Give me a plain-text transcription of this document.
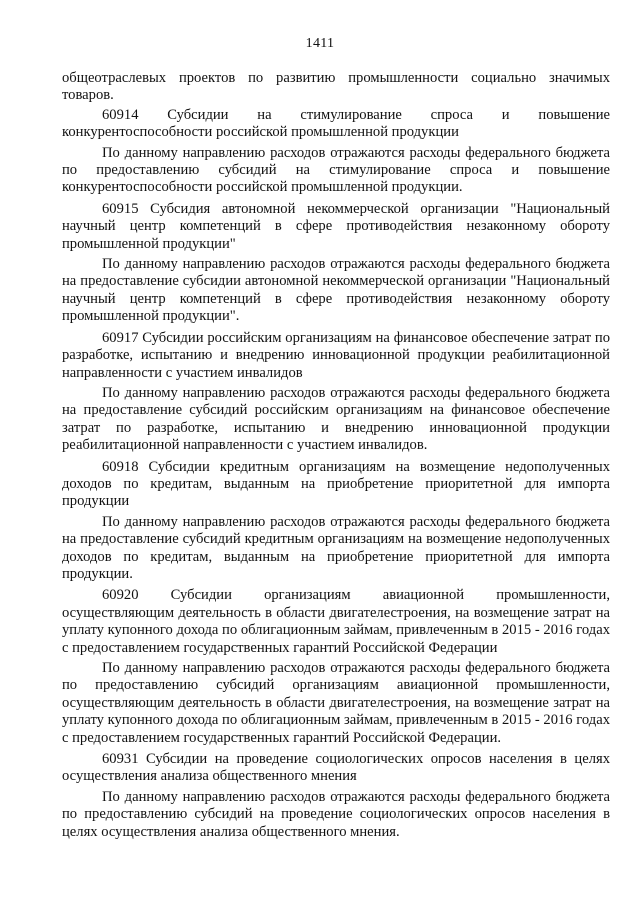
1411

общеотраслевых проектов по развитию промышленности социально значимых товаров.

60914 Субсидии на стимулирование спроса и повышение конкурентоспособности российской промышленной продукции

По данному направлению расходов отражаются расходы федерального бюджета по предоставлению субсидий на стимулирование спроса и повышение конкурентоспособности российской промышленной продукции.

60915 Субсидия автономной некоммерческой организации "Национальный научный центр компетенций в сфере противодействия незаконному обороту промышленной продукции"

По данному направлению расходов отражаются расходы федерального бюджета на предоставление субсидии автономной некоммерческой организации "Национальный научный центр компетенций в сфере противодействия незаконному обороту промышленной продукции".

60917 Субсидии российским организациям на финансовое обеспечение затрат по разработке, испытанию и внедрению инновационной продукции реабилитационной направленности с участием инвалидов

По данному направлению расходов отражаются расходы федерального бюджета на предоставление субсидий российским организациям на финансовое обеспечение затрат по разработке, испытанию и внедрению инновационной продукции реабилитационной направленности с участием инвалидов.

60918 Субсидии кредитным организациям на возмещение недополученных доходов по кредитам, выданным на приобретение приоритетной для импорта продукции

По данному направлению расходов отражаются расходы федерального бюджета на предоставление субсидий кредитным организациям на возмещение недополученных доходов по кредитам, выданным на приобретение приоритетной для импорта продукции.

60920 Субсидии организациям авиационной промышленности, осуществляющим деятельность в области двигателестроения, на возмещение затрат на уплату купонного дохода по облигационным займам, привлеченным в 2015 - 2016 годах с предоставлением государственных гарантий Российской Федерации

По данному направлению расходов отражаются расходы федерального бюджета по предоставлению субсидий организациям авиационной промышленности, осуществляющим деятельность в области двигателестроения, на возмещение затрат на уплату купонного дохода по облигационным займам, привлеченным в 2015 - 2016 годах с предоставлением государственных гарантий Российской Федерации.

60931 Субсидии на проведение социологических опросов населения в целях осуществления анализа общественного мнения

По данному направлению расходов отражаются расходы федерального бюджета по предоставлению субсидий на проведение социологических опросов населения в целях осуществления анализа общественного мнения.
